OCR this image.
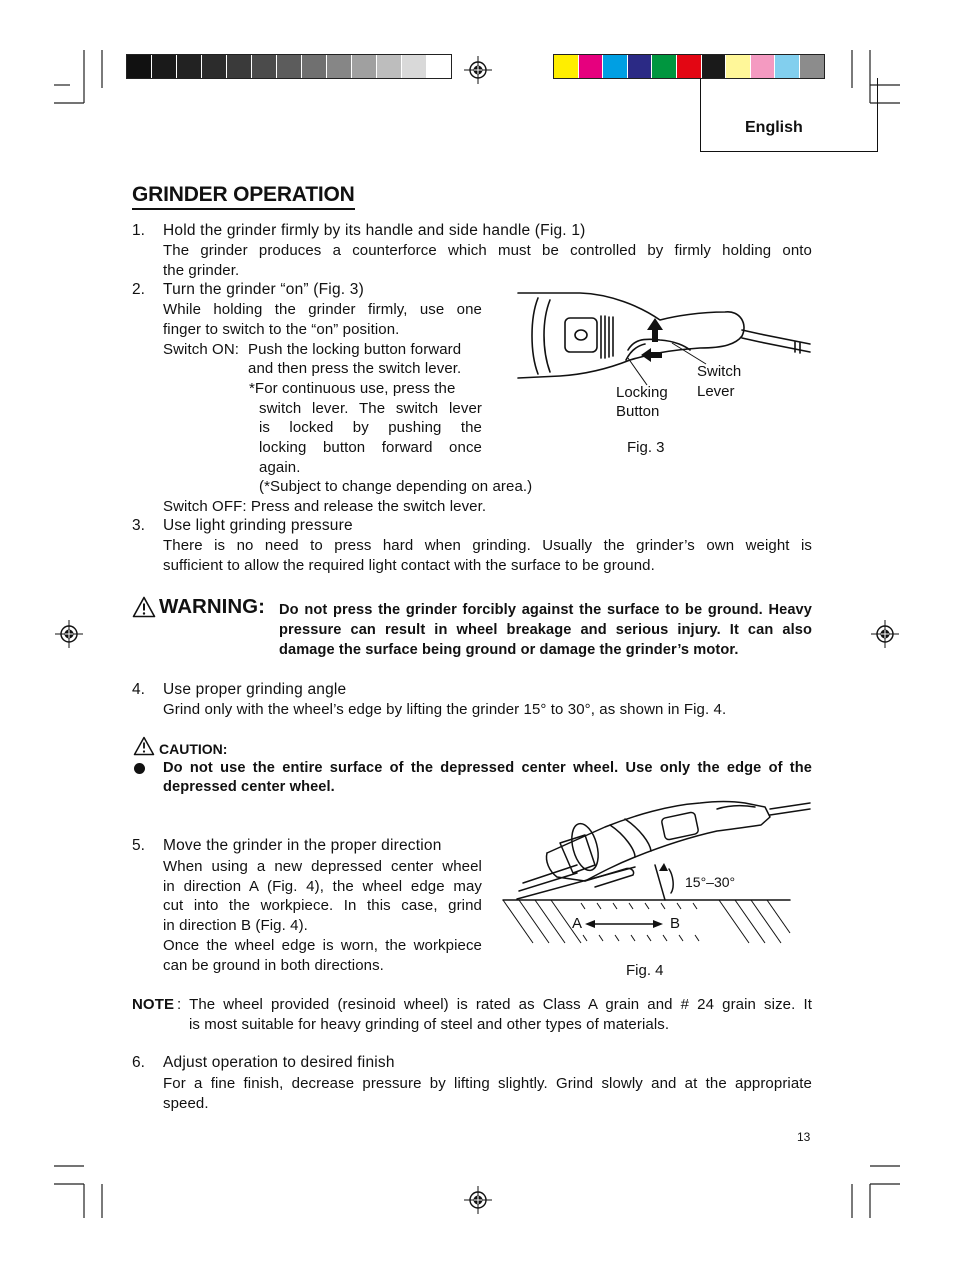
English
GRINDER OPERATION
1. Hold the grinder firmly by its handle and side handle (Fig. 1)
The grinder produces a counterforce which must be controlled by firmly holding onto
the grinder.
2. Turn the grinder “on” (Fig. 3)
While holding the grinder firmly, use one
finger to switch to the “on” position.
Switch ON: Push the locking button forward
and then press the switch lever.
*For continuous use, press the
switch lever. The switch lever
is locked by pushing the
locking button forward once
again.
(*Subject to change depending on area.)
Switch OFF: Press and release the switch lever.
Switch
Lever
Locking
Button
Fig. 3
3. Use light grinding pressure
There is no need to press hard when grinding. Usually the grinder’s own weight is
sufficient to allow the required light contact with the surface to be ground.
WARNING: Do not press the grinder forcibly against the surface to be ground. Heavy
pressure can result in wheel breakage and serious injury. It can also
damage the surface being ground or damage the grinder’s motor.
4. Use proper grinding angle
Grind only with the wheel’s edge by lifting the grinder 15° to 30°, as shown in Fig. 4.
CAUTION:
Do not use the entire surface of the depressed center wheel. Use only the edge of the
depressed center wheel.
5. Move the grinder in the proper direction
When using a new depressed center wheel
in direction A (Fig. 4), the wheel edge may
cut into the workpiece. In this case, grind
in direction B (Fig. 4).
Once the wheel edge is worn, the workpiece
can be ground in both directions.
15°–30°
A	B
Fig. 4
NOTE : The wheel provided (resinoid wheel) is rated as Class A grain and # 24 grain size. It
is most suitable for heavy grinding of steel and other types of materials.
6. Adjust operation to desired finish
For a fine finish, decrease pressure by lifting slightly. Grind slowly and at the appropriate
speed.
13
